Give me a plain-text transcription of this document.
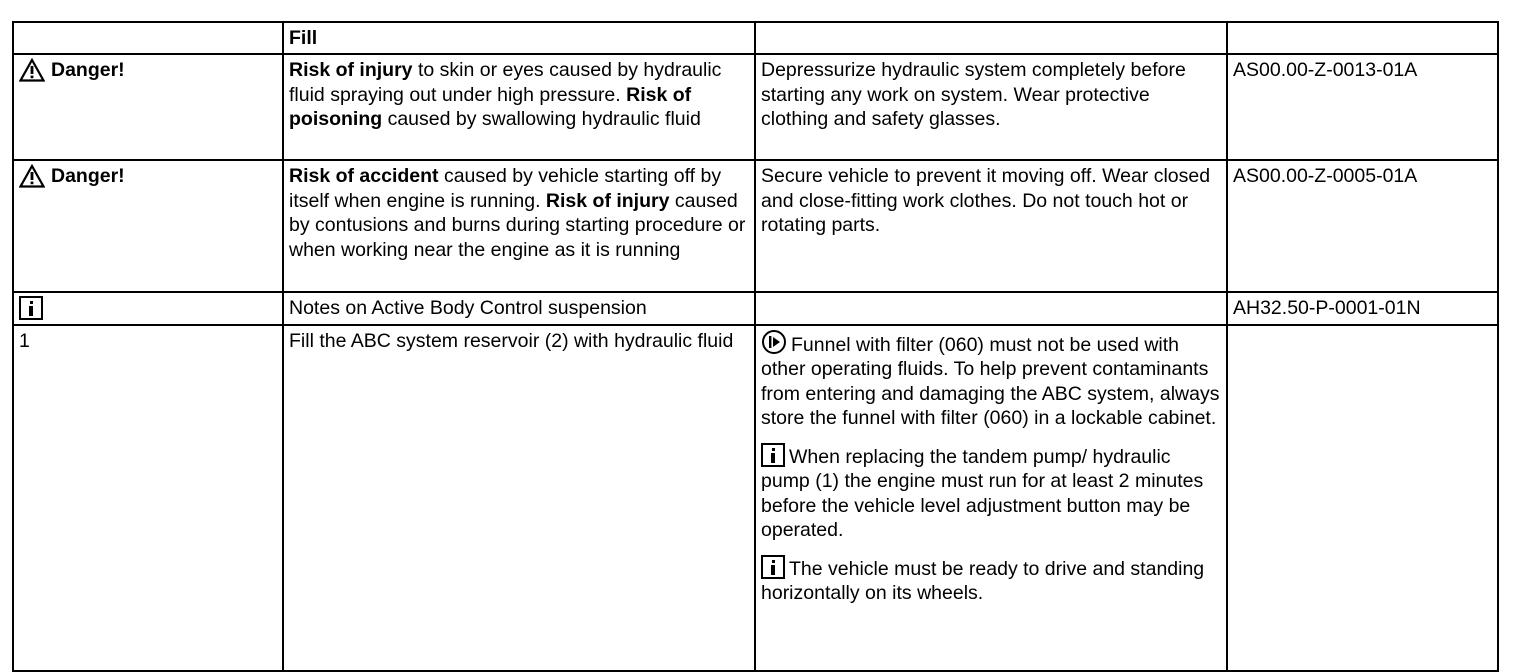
	Fill		

Danger!	Risk of injury to skin or eyes caused by hydraulic fluid spraying out under high pressure. Risk of poisoning caused by swallowing hydraulic fluid	Depressurize hydraulic system completely before starting any work on system. Wear protective clothing and safety glasses.	AS00.00-Z-0013-01A

Danger!	Risk of accident caused by vehicle starting off by itself when engine is running. Risk of injury caused by contusions and burns during starting procedure or when working near the engine as it is running	Secure vehicle to prevent it moving off. Wear closed and close-fitting work clothes. Do not touch hot or rotating parts.	AS00.00-Z-0005-01A
	Notes on Active Body Control suspension		AH32.50-P-0001-01N
1	Fill the ABC system reservoir (2) with hydraulic fluid	Funnel with filter (060) must not be used with other operating fluids. To help prevent contaminants from entering and damaging the ABC system, always store the funnel with filter (060) in a lockable cabinet.
When replacing the tandem pump/ hydraulic pump (1) the engine must run for at least 2 minutes before the vehicle level adjustment button may be operated.
The vehicle must be ready to drive and standing horizontally on its wheels.	
